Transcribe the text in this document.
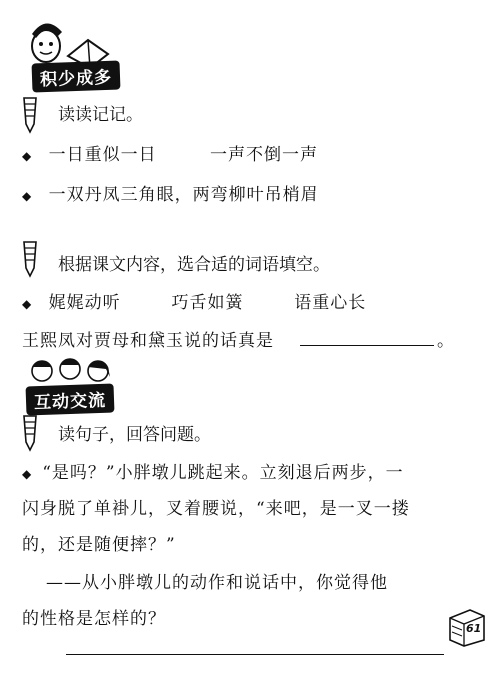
积少成多
读读记记。
◆ 一日重似一日	一声不倒一声
◆ 一双丹凤三角眼，两弯柳叶吊梢眉
根据课文内容，选合适的词语填空。
◆ 娓娓动听	巧舌如簧	语重心长
王熙凤对贾母和黛玉说的话真是	。
互动交流
读句子，回答问题。
◆ “是吗？”小胖墩儿跳起来。立刻退后两步，一
闪身脱了单褂儿，叉着腰说，“来吧，是一叉一搂
的，还是随便摔？”
——从小胖墩儿的动作和说话中，你觉得他
的性格是怎样的？	61
